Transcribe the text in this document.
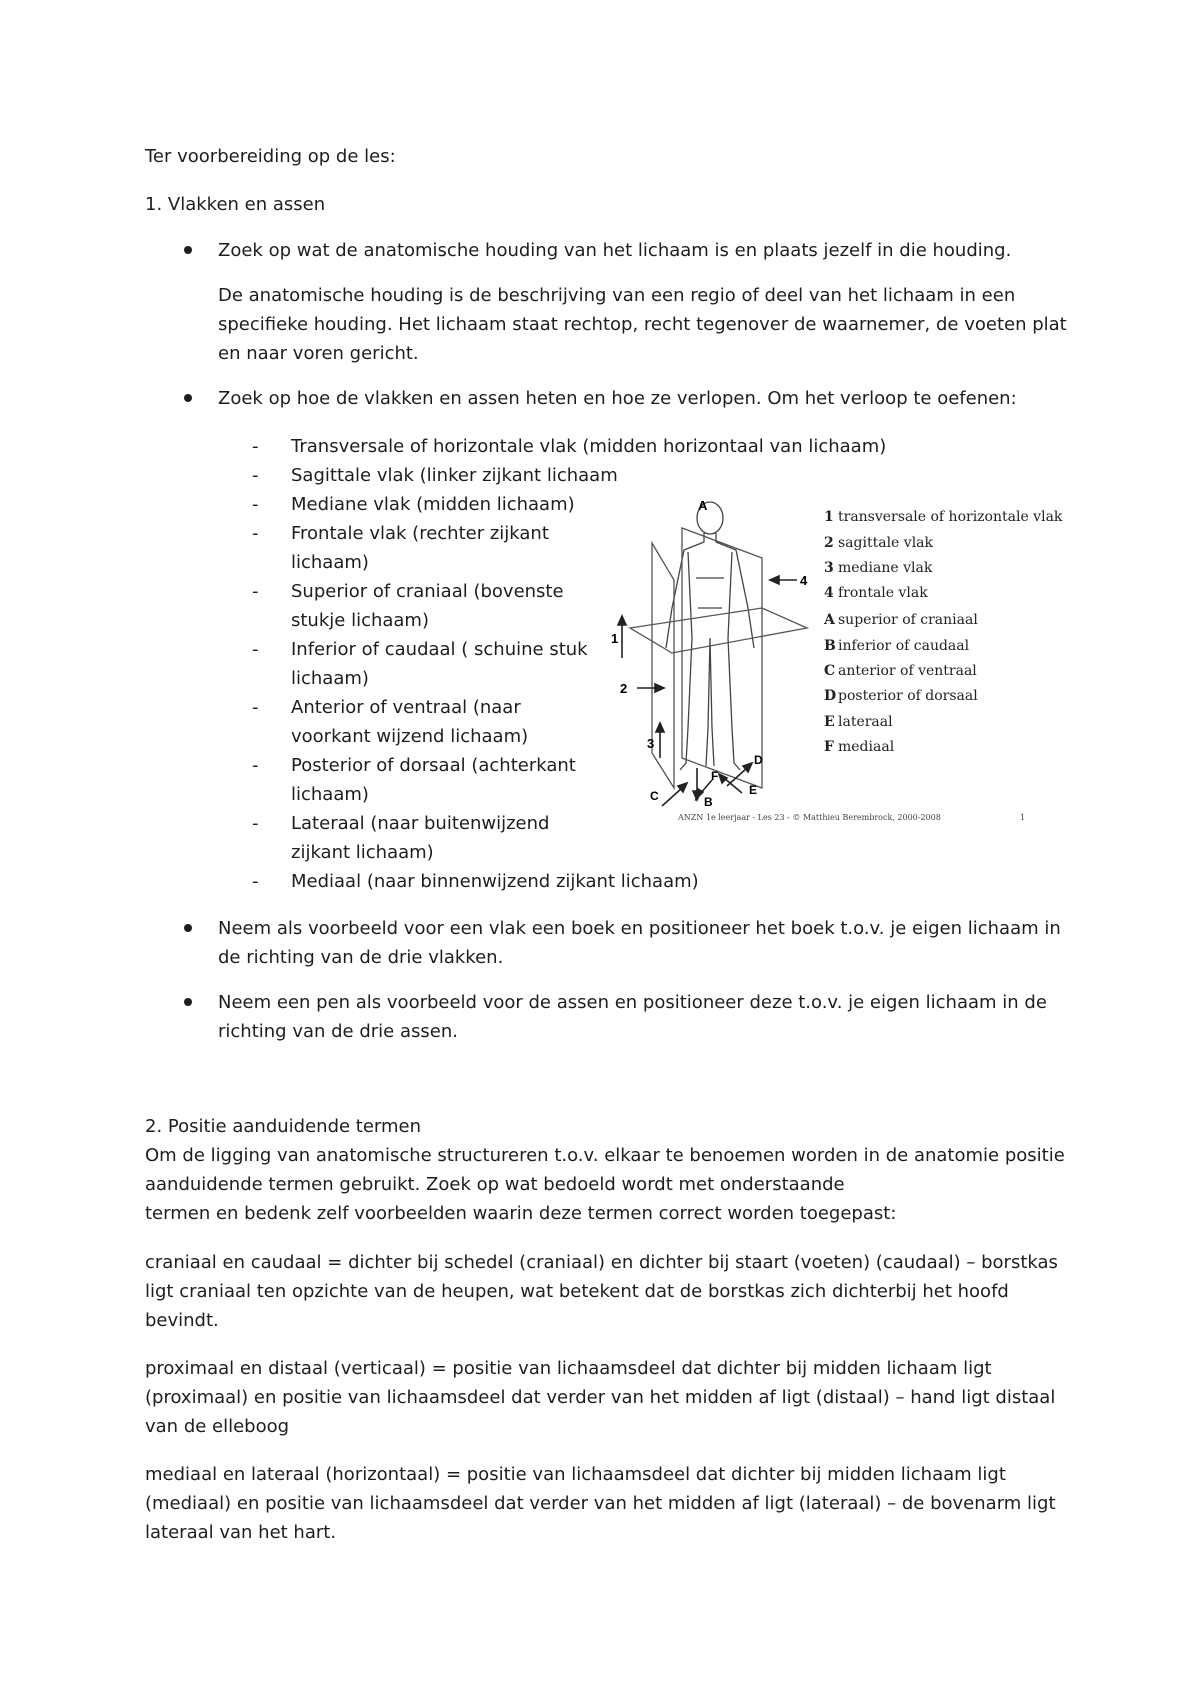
Ter voorbereiding op de les:

1. Vlakken en assen

Zoek op wat de anatomische houding van het lichaam is en plaats jezelf in die houding.

De anatomische houding is de beschrijving van een regio of deel van het lichaam in een

specifieke houding. Het lichaam staat rechtop, recht tegenover de waarnemer, de voeten plat

en naar voren gericht.

Zoek op hoe de vlakken en assen heten en hoe ze verlopen. Om het verloop te oefenen:

- Transversale of horizontale vlak (midden horizontaal van lichaam)

- Sagittale vlak (linker zijkant lichaam

- Mediane vlak (midden lichaam)

- Frontale vlak (rechter zijkant

lichaam)

- Superior of craniaal (bovenste

stukje lichaam)

- Inferior of caudaal ( schuine stuk

lichaam)

- Anterior of ventraal (naar

voorkant wijzend lichaam)

- Posterior of dorsaal (achterkant

lichaam)

- Lateraal (naar buitenwijzend

zijkant lichaam)

- Mediaal (naar binnenwijzend zijkant lichaam)

1
2
3
4
A
B
C
D
E
F
1 transversale of horizontale vlak
2 sagittale vlak
3 mediane vlak
4 frontale vlak
A superior of craniaal
B inferior of caudaal
C anterior of ventraal
D posterior of dorsaal
E lateraal
F mediaal
ANZN 1e leerjaar - Les 23 - © Matthieu Berembrock, 2000-2008	1

Neem als voorbeeld voor een vlak een boek en positioneer het boek t.o.v. je eigen lichaam in

de richting van de drie vlakken.

Neem een pen als voorbeeld voor de assen en positioneer deze t.o.v. je eigen lichaam in de

richting van de drie assen.

2. Positie aanduidende termen

Om de ligging van anatomische structureren t.o.v. elkaar te benoemen worden in de anatomie positie

aanduidende termen gebruikt. Zoek op wat bedoeld wordt met onderstaande

termen en bedenk zelf voorbeelden waarin deze termen correct worden toegepast:

craniaal en caudaal = dichter bij schedel (craniaal) en dichter bij staart (voeten) (caudaal) – borstkas

ligt craniaal ten opzichte van de heupen, wat betekent dat de borstkas zich dichterbij het hoofd

bevindt.

proximaal en distaal (verticaal) = positie van lichaamsdeel dat dichter bij midden lichaam ligt

(proximaal) en positie van lichaamsdeel dat verder van het midden af ligt (distaal) – hand ligt distaal

van de elleboog

mediaal en lateraal (horizontaal) = positie van lichaamsdeel dat dichter bij midden lichaam ligt

(mediaal) en positie van lichaamsdeel dat verder van het midden af ligt (lateraal) – de bovenarm ligt

lateraal van het hart.
